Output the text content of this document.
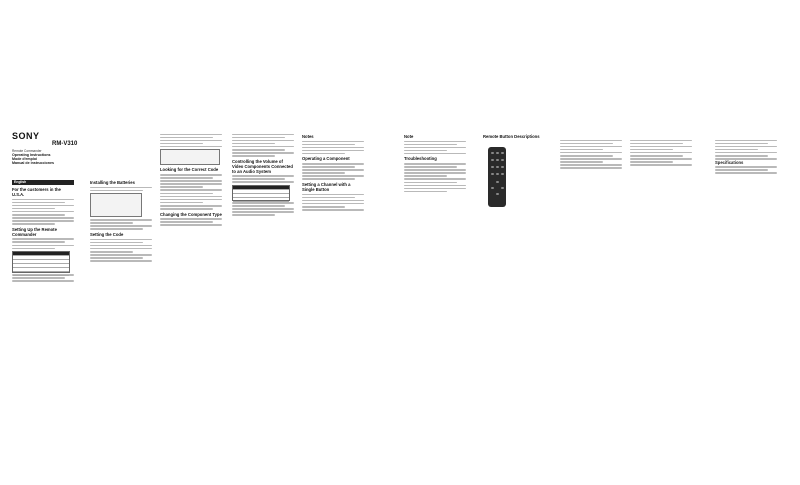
SONY
RM-V310
Remote Commander
Operating Instructions
Mode d'emploi
Manual de instrucciones
English
For the customers in the U.S.A.
Setting Up the Remote Commander
Installing the Batteries
Setting the Code
Looking for the Correct Code
Changing the Component Type
Controlling the Volume of Video Components Connected to an Audio System
Notes
Operating a Component
Setting a Channel with a Single Button
Note
Troubleshooting
Remote Button Descriptions
Specifications
